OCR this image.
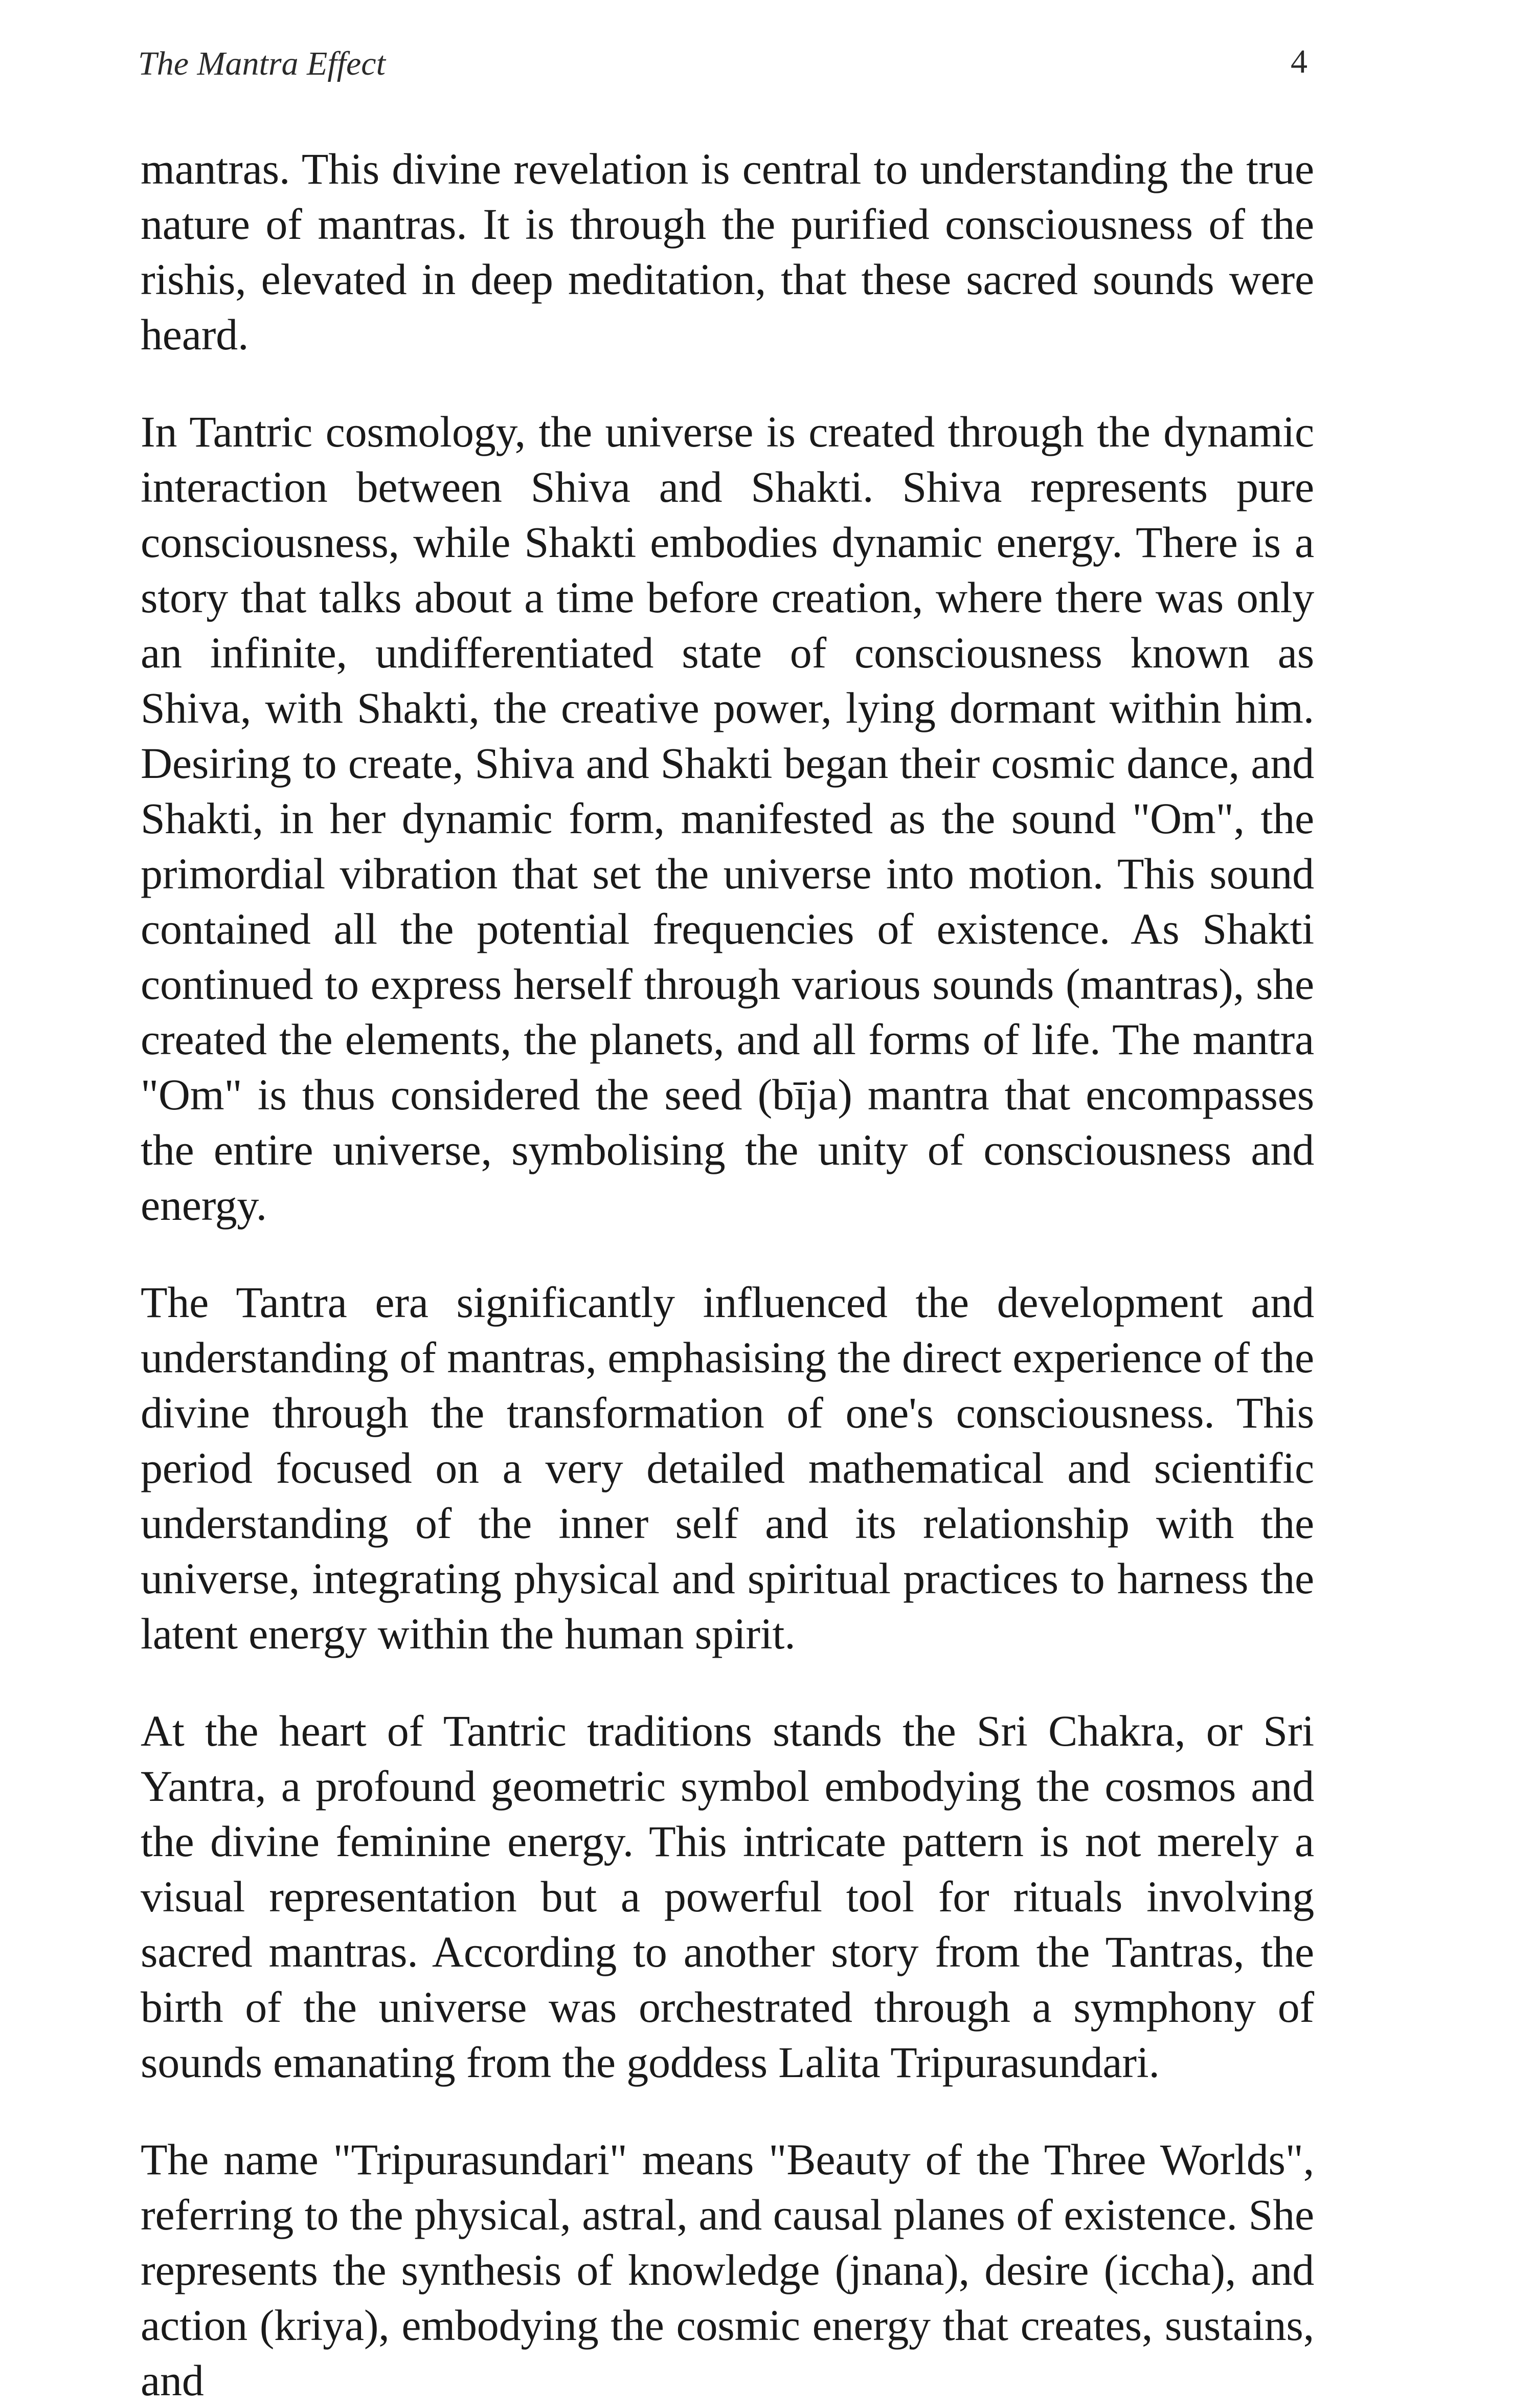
The Mantra Effect	4

mantras. This divine revelation is central to understanding the true nature of mantras. It is through the purified consciousness of the rishis, elevated in deep meditation, that these sacred sounds were heard.

In Tantric cosmology, the universe is created through the dynamic interaction between Shiva and Shakti. Shiva represents pure consciousness, while Shakti embodies dynamic energy. There is a story that talks about a time before creation, where there was only an infinite, undifferentiated state of consciousness known as Shiva, with Shakti, the creative power, lying dormant within him. Desiring to create, Shiva and Shakti began their cosmic dance, and Shakti, in her dynamic form, manifested as the sound "Om", the primordial vibration that set the universe into motion. This sound contained all the potential frequencies of existence. As Shakti continued to express herself through various sounds (mantras), she created the elements, the planets, and all forms of life. The mantra "Om" is thus considered the seed (bīja) mantra that encompasses the entire universe, symbolising the unity of consciousness and energy.

The Tantra era significantly influenced the development and understanding of mantras, emphasising the direct experience of the divine through the transformation of one's consciousness. This period focused on a very detailed mathematical and scientific understanding of the inner self and its relationship with the universe, integrating physical and spiritual practices to harness the latent energy within the human spirit.

At the heart of Tantric traditions stands the Sri Chakra, or Sri Yantra, a profound geometric symbol embodying the cosmos and the divine feminine energy. This intricate pattern is not merely a visual representation but a powerful tool for rituals involving sacred mantras. According to another story from the Tantras, the birth of the universe was orchestrated through a symphony of sounds emanating from the goddess Lalita Tripurasundari.

The name "Tripurasundari" means "Beauty of the Three Worlds", referring to the physical, astral, and causal planes of existence. She represents the synthesis of knowledge (jnana), desire (iccha), and action (kriya), embodying the cosmic energy that creates, sustains, and
